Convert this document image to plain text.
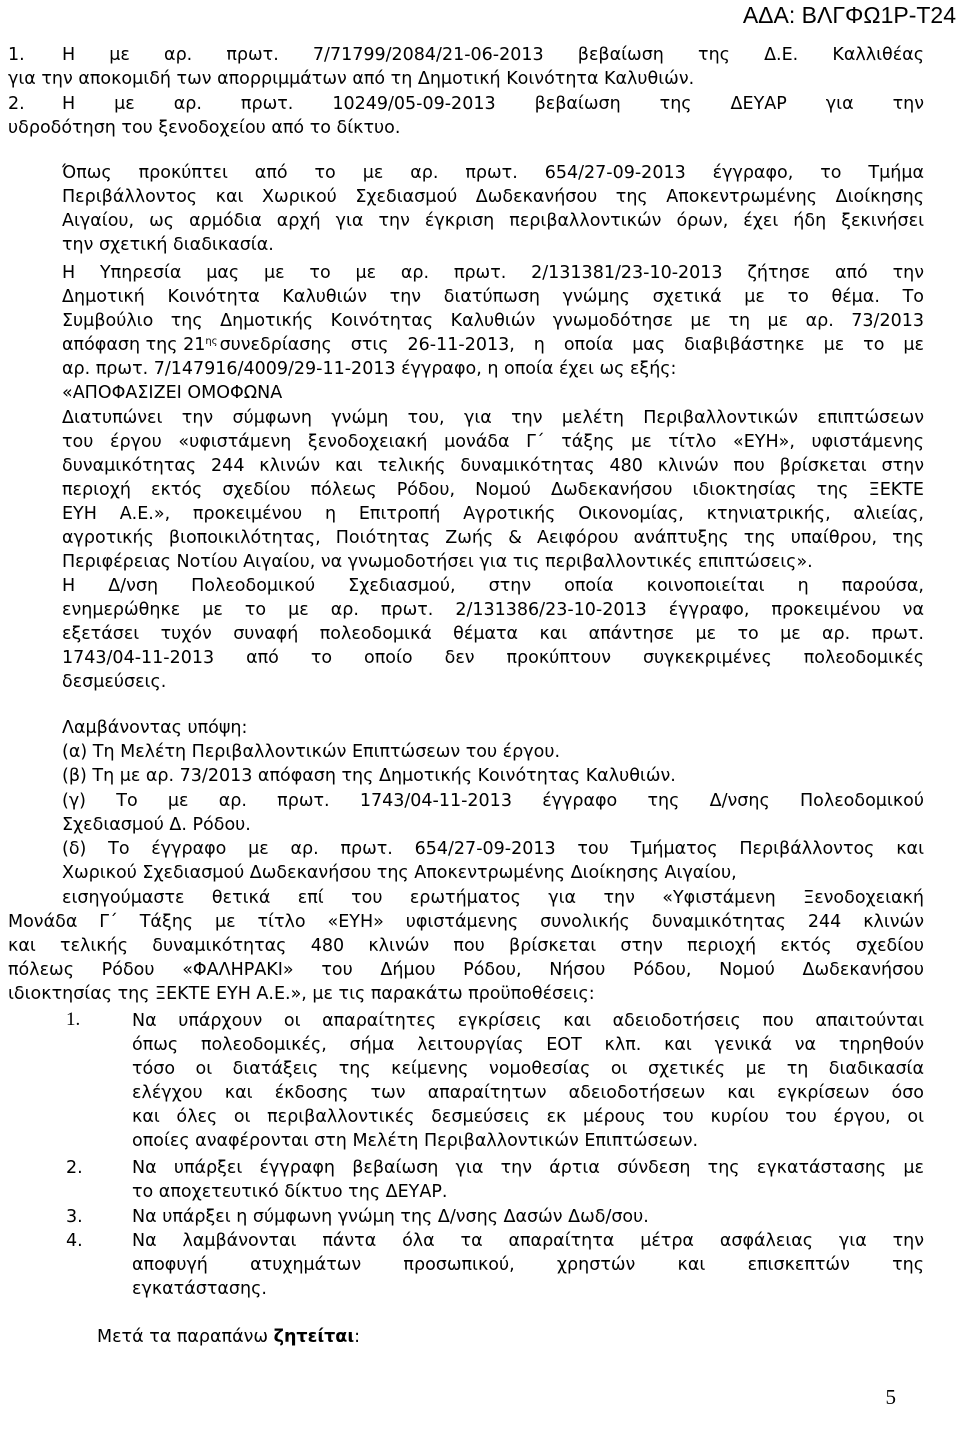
ΑΔΑ: ΒΛΓΦΩ1Ρ-Τ24
1. Η με αρ. πρωτ. 7/71799/2084/21-06-2013 βεβαίωση της Δ.Ε. Καλλιθέας
για την αποκομιδή των απορριμμάτων από τη Δημοτική Κοινότητα Καλυθιών.
2. Η με αρ. πρωτ. 10249/05-09-2013 βεβαίωση της ΔΕΥΑΡ για την
υδροδότηση του ξενοδοχείου από το δίκτυο.
Όπως προκύπτει από το με αρ. πρωτ. 654/27-09-2013 έγγραφο, το Τμήμα
Περιβάλλοντος και Χωρικού Σχεδιασμού Δωδεκανήσου της Αποκεντρωμένης Διοίκησης
Αιγαίου, ως αρμόδια αρχή για την έγκριση περιβαλλοντικών όρων, έχει ήδη ξεκινήσει
την σχετική διαδικασία.
Η Υπηρεσία μας με το με αρ. πρωτ. 2/131381/23-10-2013 ζήτησε από την
Δημοτική Κοινότητα Καλυθιών την διατύπωση γνώμης σχετικά με το θέμα. Το
Συμβούλιο της Δημοτικής Κοινότητας Καλυθιών γνωμοδότησε με τη με αρ. 73/2013
απόφαση της $21^{\eta\varsigma}$ συνεδρίασης στις 26-11-2013, η οποία μας διαβιβάστηκε με το με
αρ. πρωτ. 7/147916/4009/29-11-2013 έγγραφο, η οποία έχει ως εξής:
«ΑΠΟΦΑΣΙΖΕΙ ΟΜΟΦΩΝΑ
Διατυπώνει την σύμφωνη γνώμη του, για την μελέτη Περιβαλλοντικών επιπτώσεων
του έργου «υφιστάμενη ξενοδοχειακή μονάδα Γ΄ τάξης με τίτλο «ΕΥΗ», υφιστάμενης
δυναμικότητας 244 κλινών και τελικής δυναμικότητας 480 κλινών που βρίσκεται στην
περιοχή εκτός σχεδίου πόλεως Ρόδου, Νομού Δωδεκανήσου ιδιοκτησίας της ΞΕΚΤΕ
ΕΥΗ Α.Ε.», προκειμένου η Επιτροπή Αγροτικής Οικονομίας, κτηνιατρικής, αλιείας,
αγροτικής βιοποικιλότητας, Ποιότητας Ζωής & Αειφόρου ανάπτυξης της υπαίθρου, της
Περιφέρειας Νοτίου Αιγαίου, να γνωμοδοτήσει για τις περιβαλλοντικές επιπτώσεις».
Η Δ/νση Πολεοδομικού Σχεδιασμού, στην οποία κοινοποιείται η παρούσα,
ενημερώθηκε με το με αρ. πρωτ. 2/131386/23-10-2013 έγγραφο, προκειμένου να
εξετάσει τυχόν συναφή πολεοδομικά θέματα και απάντησε με το με αρ. πρωτ.
1743/04-11-2013 από το οποίο δεν προκύπτουν συγκεκριμένες πολεοδομικές
δεσμεύσεις.
Λαμβάνοντας υπόψη:
(α) Τη Μελέτη Περιβαλλοντικών Επιπτώσεων του έργου.
(β) Τη με αρ. 73/2013 απόφαση της Δημοτικής Κοινότητας Καλυθιών.
(γ) Το με αρ. πρωτ. 1743/04-11-2013 έγγραφο της Δ/νσης Πολεοδομικού
Σχεδιασμού Δ. Ρόδου.
(δ) Το έγγραφο με αρ. πρωτ. 654/27-09-2013 του Τμήματος Περιβάλλοντος και
Χωρικού Σχεδιασμού Δωδεκανήσου της Αποκεντρωμένης Διοίκησης Αιγαίου,
εισηγούμαστε θετικά επί του ερωτήματος για την «Υφιστάμενη Ξενοδοχειακή
Μονάδα Γ΄ Τάξης με τίτλο «ΕΥΗ» υφιστάμενης συνολικής δυναμικότητας 244 κλινών
και τελικής δυναμικότητας 480 κλινών που βρίσκεται στην περιοχή εκτός σχεδίου
πόλεως Ρόδου «ΦΑΛΗΡΑΚΙ» του Δήμου Ρόδου, Νήσου Ρόδου, Νομού Δωδεκανήσου
ιδιοκτησίας της ΞΕΚΤΕ ΕΥΗ Α.Ε.», με τις παρακάτω προϋποθέσεις:
1.	Να υπάρχουν οι απαραίτητες εγκρίσεις και αδειοδοτήσεις που απαιτούνται
όπως πολεοδομικές, σήμα λειτουργίας ΕΟΤ κλπ. και γενικά να τηρηθούν
τόσο οι διατάξεις της κείμενης νομοθεσίας οι σχετικές με τη διαδικασία
ελέγχου και έκδοσης των απαραίτητων αδειοδοτήσεων και εγκρίσεων όσο
και όλες οι περιβαλλοντικές δεσμεύσεις εκ μέρους του κυρίου του έργου, οι
οποίες αναφέρονται στη Μελέτη Περιβαλλοντικών Επιπτώσεων.
2.	Να υπάρξει έγγραφη βεβαίωση για την άρτια σύνδεση της εγκατάστασης με
το αποχετευτικό δίκτυο της ΔΕΥΑΡ.
3.	Να υπάρξει η σύμφωνη γνώμη της Δ/νσης Δασών Δωδ/σου.
4.	Να λαμβάνονται πάντα όλα τα απαραίτητα μέτρα ασφάλειας για την
αποφυγή ατυχημάτων προσωπικού, χρηστών και επισκεπτών της
εγκατάστασης.
Μετά τα παραπάνω ζητείται:
5
